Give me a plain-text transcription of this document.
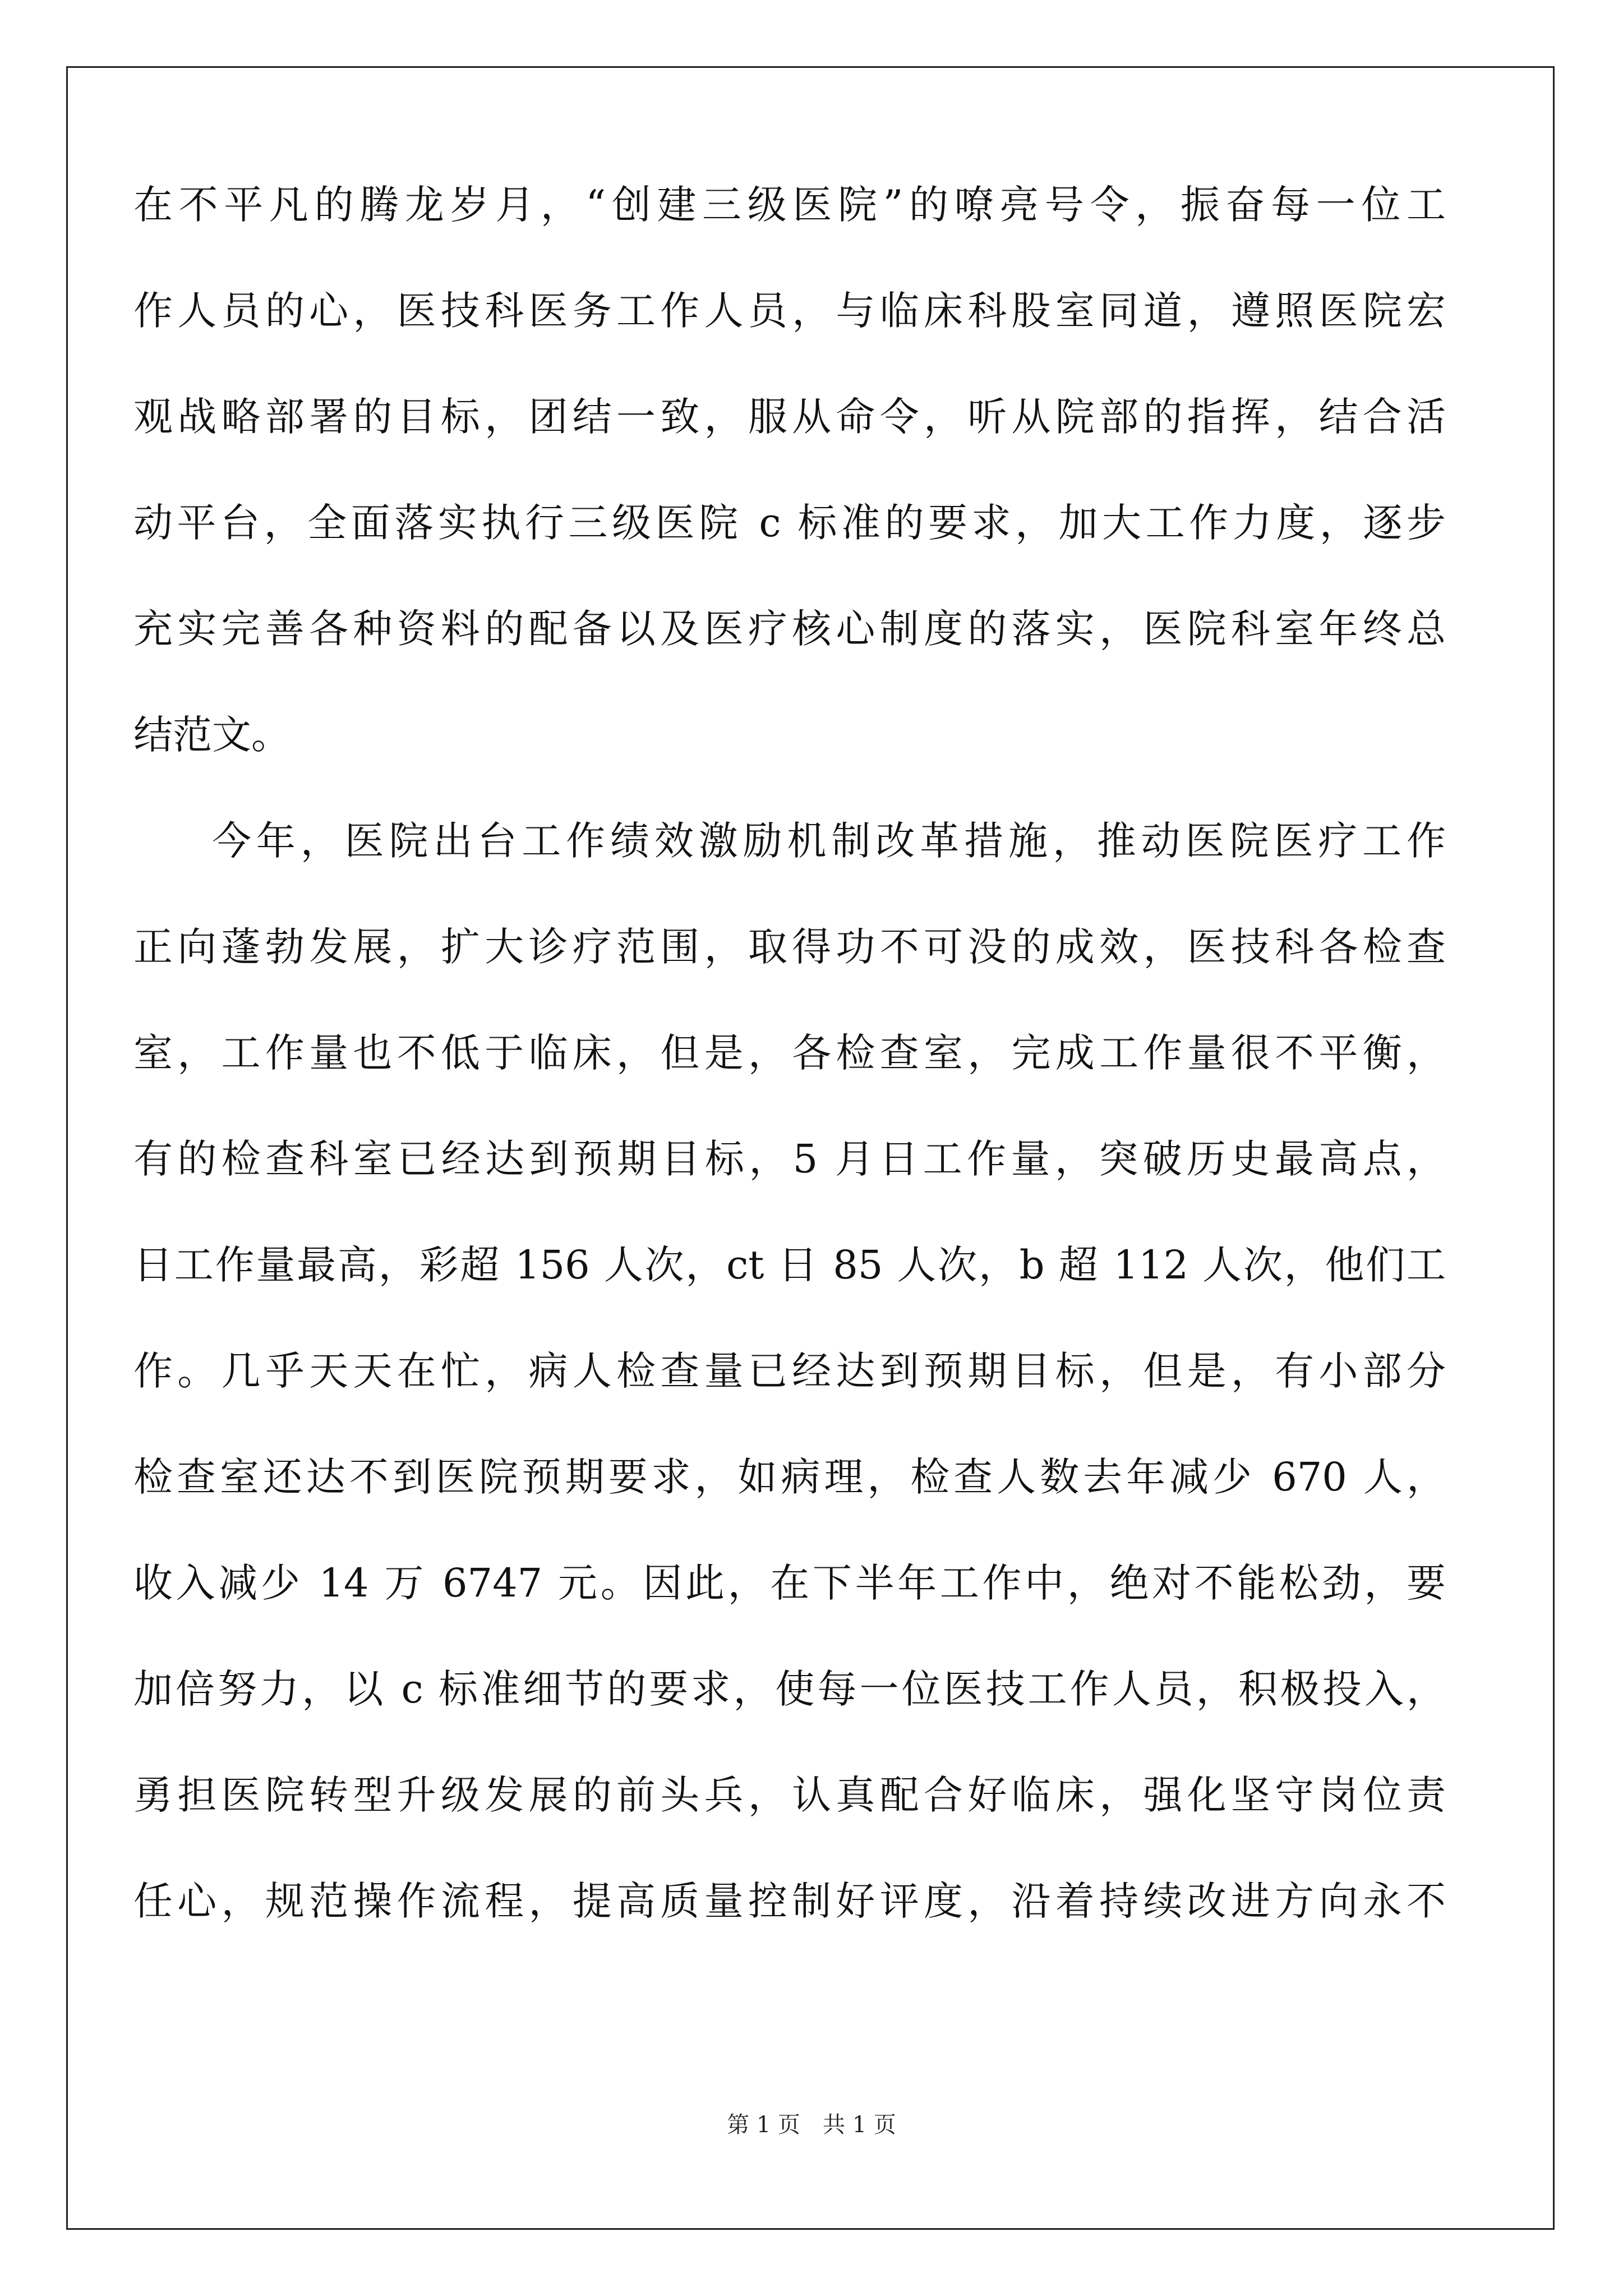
在不平凡的腾龙岁月，“创建三级医院”的嘹亮号令，振奋每一位工
作人员的心，医技科医务工作人员，与临床科股室同道，遵照医院宏
观战略部署的目标，团结一致，服从命令，听从院部的指挥，结合活
动平台，全面落实执行三级医院 c 标准的要求，加大工作力度，逐步
充实完善各种资料的配备以及医疗核心制度的落实，医院科室年终总
结范文。
今年，医院出台工作绩效激励机制改革措施，推动医院医疗工作
正向蓬勃发展，扩大诊疗范围，取得功不可没的成效，医技科各检查
室，工作量也不低于临床，但是，各检查室，完成工作量很不平衡，
有的检查科室已经达到预期目标，5 月日工作量，突破历史最高点，
日工作量最高，彩超 156 人次，ct 日 85 人次，b 超 112 人次，他们工
作。几乎天天在忙，病人检查量已经达到预期目标，但是，有小部分
检查室还达不到医院预期要求，如病理，检查人数去年减少 670 人，
收入减少 14 万 6747 元。因此，在下半年工作中，绝对不能松劲，要
加倍努力，以 c 标准细节的要求，使每一位医技工作人员，积极投入，
勇担医院转型升级发展的前头兵，认真配合好临床，强化坚守岗位责
任心，规范操作流程，提高质量控制好评度，沿着持续改进方向永不
第 1 页 共 1 页
